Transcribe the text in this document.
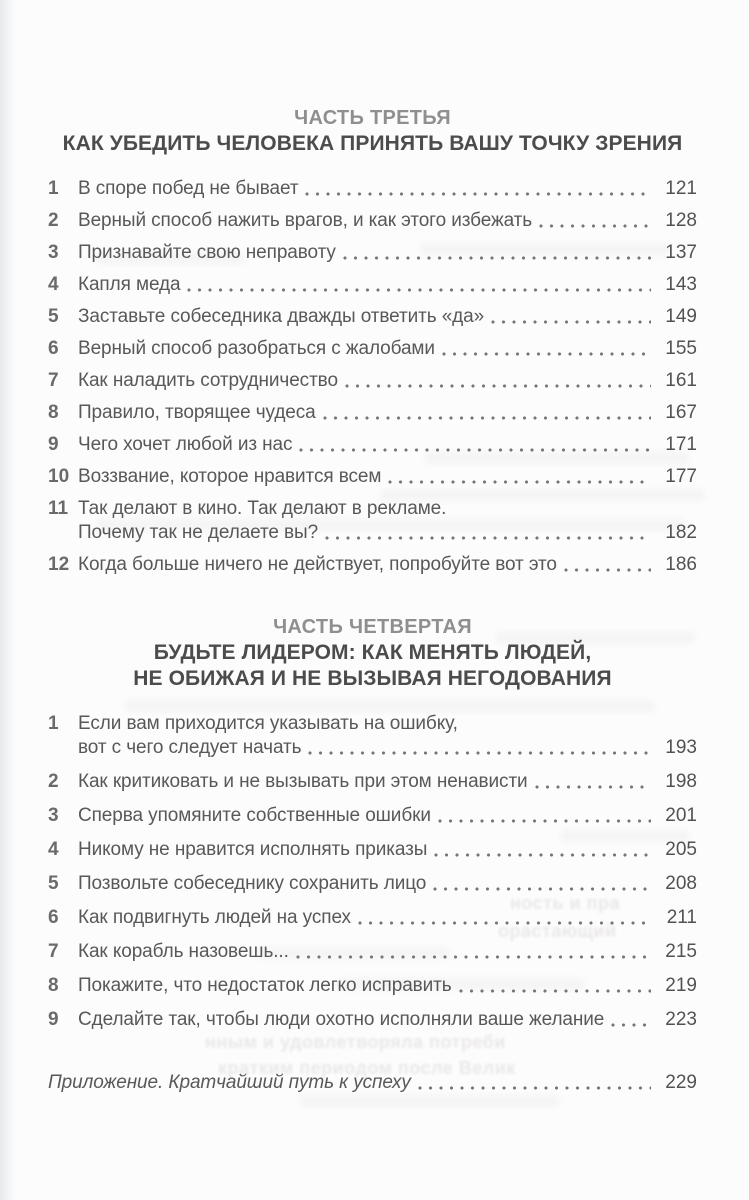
ность и пра
орастающий
нным и удовлетворяла потреби
кратким периодом после Велик
ЧАСТЬ ТРЕТЬЯ
КАК УБЕДИТЬ ЧЕЛОВЕКА ПРИНЯТЬ ВАШУ ТОЧКУ ЗРЕНИЯ
1	В споре побед не бывает	121
2	Верный способ нажить врагов, и как этого избежать	128
3	Признавайте свою неправоту	137
4	Капля меда	143
5	Заставьте собеседника дважды ответить «да»	149
6	Верный способ разобраться с жалобами	155
7	Как наладить сотрудничество	161
8	Правило, творящее чудеса	167
9	Чего хочет любой из нас	171
10 Воззвание, которое нравится всем	177
11 Так делают в кино. Так делают в рекламе.
Почему так не делаете вы?	182
12 Когда больше ничего не действует, попробуйте вот это	186
ЧАСТЬ ЧЕТВЕРТАЯ
БУДЬТЕ ЛИДЕРОМ: КАК МЕНЯТЬ ЛЮДЕЙ,
НЕ ОБИЖАЯ И НЕ ВЫЗЫВАЯ НЕГОДОВАНИЯ
1	Если вам приходится указывать на ошибку,
вот с чего следует начать	193
2	Как критиковать и не вызывать при этом ненависти	198
3	Сперва упомяните собственные ошибки	201
4	Никому не нравится исполнять приказы	205
5	Позвольте собеседнику сохранить лицо	208
6	Как подвигнуть людей на успех	211
7	Как корабль назовешь...	215
8	Покажите, что недостаток легко исправить	219
9	Сделайте так, чтобы люди охотно исполняли ваше желание	223
Приложение. Кратчайший путь к успеху	229
